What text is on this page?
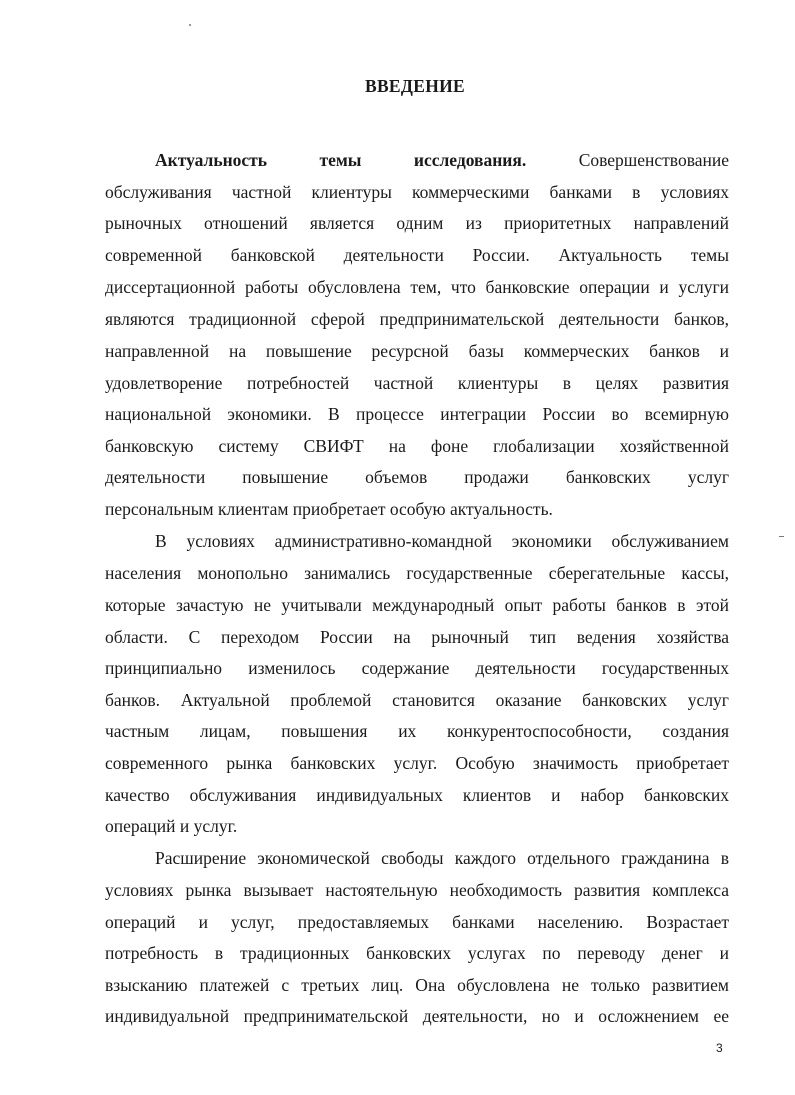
ВВЕДЕНИЕ
Актуальность темы исследования.	Совершенствование
обслуживания частной клиентуры коммерческими банками в условиях
рыночных отношений является одним из приоритетных направлений
современной банковской деятельности России. Актуальность темы
диссертационной работы обусловлена тем, что банковские операции и услуги
являются традиционной сферой предпринимательской деятельности банков,
направленной на повышение ресурсной базы коммерческих банков и
удовлетворение потребностей частной клиентуры в целях развития
национальной экономики. В процессе интеграции России во всемирную
банковскую систему СВИФТ на фоне глобализации хозяйственной
деятельности повышение объемов продажи банковских услуг
персональным клиентам приобретает особую актуальность.
В условиях административно-командной экономики обслуживанием
населения монопольно занимались государственные сберегательные кассы,
которые зачастую не учитывали международный опыт работы банков в этой
области. С переходом России на рыночный тип ведения хозяйства
принципиально изменилось содержание деятельности государственных
банков. Актуальной проблемой становится оказание банковских услуг
частным лицам, повышения их конкурентоспособности, создания
современного рынка банковских услуг. Особую значимость приобретает
качество обслуживания индивидуальных клиентов и набор банковских
операций и услуг.
Расширение экономической свободы каждого отдельного гражданина в
условиях рынка вызывает настоятельную необходимость развития комплекса
операций и услуг, предоставляемых банками населению. Возрастает
потребность в традиционных банковских услугах по переводу денег и
взысканию платежей с третьих лиц. Она обусловлена не только развитием
индивидуальной предпринимательской деятельности, но и осложнением ее
3
